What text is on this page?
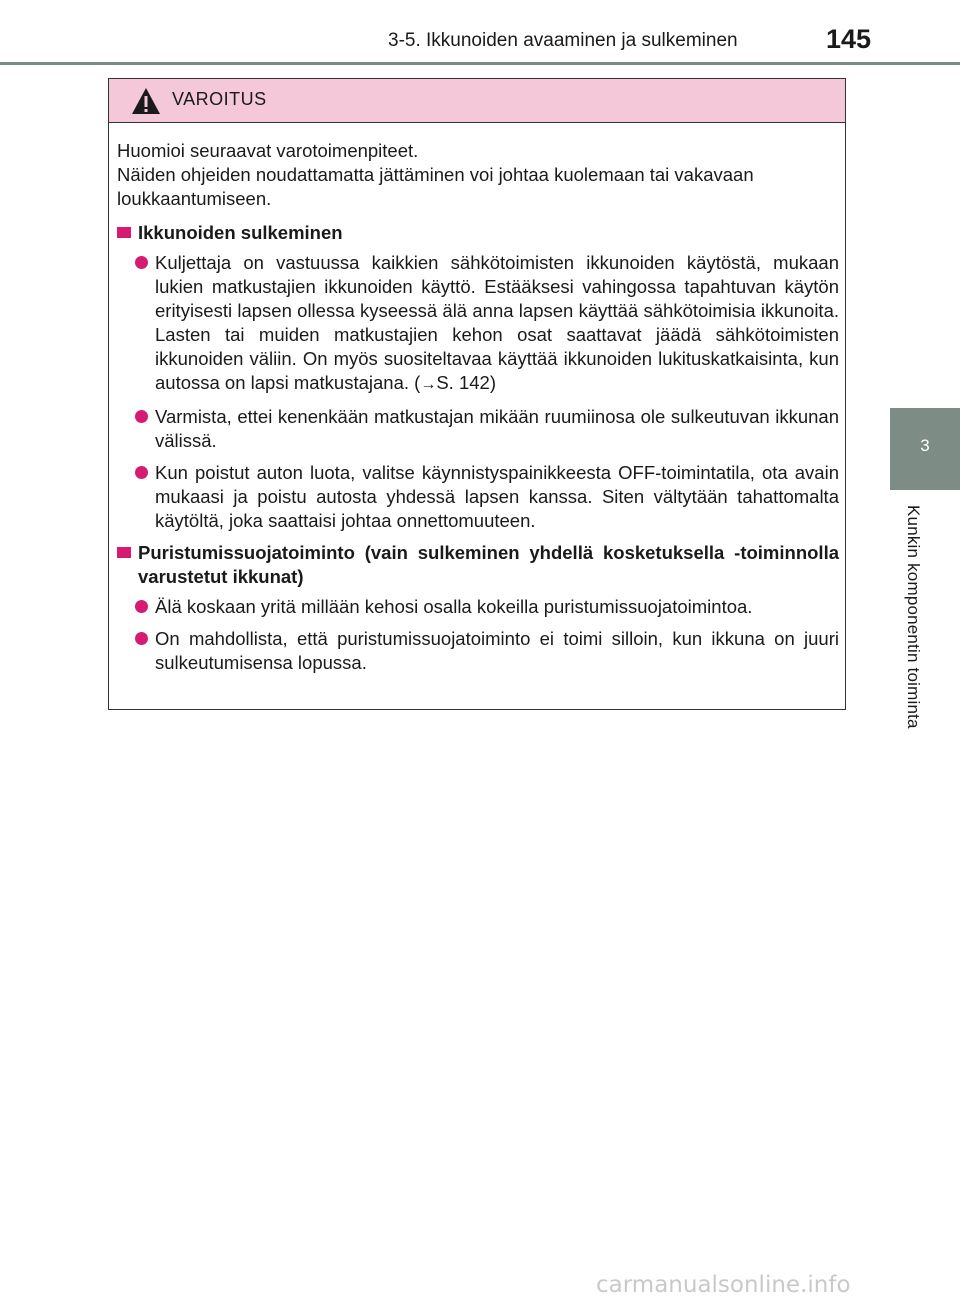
3-5. Ikkunoiden avaaminen ja sulkeminen	145
3
Kunkin komponentin toiminta
VAROITUS
Huomioi seuraavat varotoimenpiteet.
Näiden ohjeiden noudattamatta jättäminen voi johtaa kuolemaan tai vakavaan loukkaantumiseen.
Ikkunoiden sulkeminen
Kuljettaja on vastuussa kaikkien sähkötoimisten ikkunoiden käytöstä, mukaan lukien matkustajien ikkunoiden käyttö. Estääksesi vahingossa tapahtuvan käytön erityisesti lapsen ollessa kyseessä älä anna lapsen käyttää sähkötoimisia ikkunoita. Lasten tai muiden matkustajien kehon osat saattavat jäädä sähkötoimisten ikkunoiden väliin. On myös suositeltavaa käyttää ikkunoiden lukituskatkaisinta, kun autossa on lapsi matkustajana. (→S. 142)
Varmista, ettei kenenkään matkustajan mikään ruumiinosa ole sulkeutuvan ikkunan välissä.
Kun poistut auton luota, valitse käynnistyspainikkeesta OFF-toimintatila, ota avain mukaasi ja poistu autosta yhdessä lapsen kanssa. Siten vältytään tahattomalta käytöltä, joka saattaisi johtaa onnettomuuteen.
Puristumissuojatoiminto (vain sulkeminen yhdellä kosketuksella -toiminnolla varustetut ikkunat)
Älä koskaan yritä millään kehosi osalla kokeilla puristumissuojatoimintoa.
On mahdollista, että puristumissuojatoiminto ei toimi silloin, kun ikkuna on juuri sulkeutumisensa lopussa.
carmanualsonline.info
